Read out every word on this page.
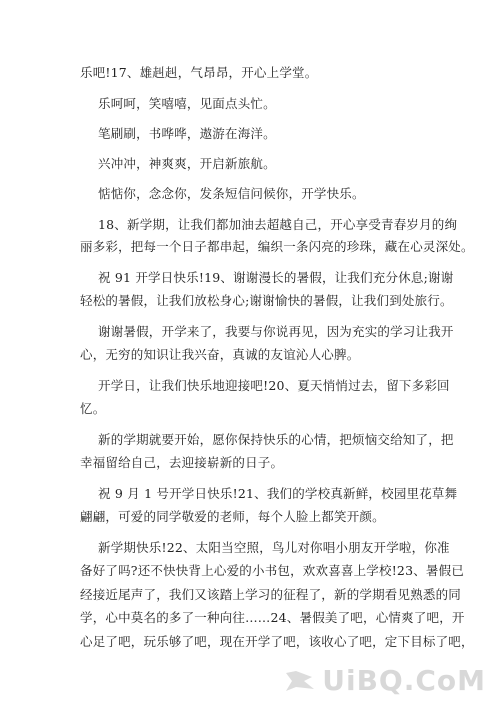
乐吧!17、雄赳赳，气昂昂，开心上学堂。
乐呵呵，笑嘻嘻，见面点头忙。
笔刷刷，书哗哗，遨游在海洋。
兴冲冲，神爽爽，开启新旅航。
惦惦你，念念你，发条短信问候你，开学快乐。
18、新学期，让我们都加油去超越自己，开心享受青春岁月的绚
丽多彩，把每一个日子都串起，编织一条闪亮的珍珠，藏在心灵深处。
祝 91 开学日快乐!19、谢谢漫长的暑假，让我们充分休息;谢谢
轻松的暑假，让我们放松身心;谢谢愉快的暑假，让我们到处旅行。
谢谢暑假，开学来了，我要与你说再见，因为充实的学习让我开
心，无穷的知识让我兴奋，真诚的友谊沁人心脾。
开学日，让我们快乐地迎接吧!20、夏天悄悄过去，留下多彩回
忆。
新的学期就要开始，愿你保持快乐的心情，把烦恼交给知了，把
幸福留给自己，去迎接崭新的日子。
祝 9 月 1 号开学日快乐!21、我们的学校真新鲜，校园里花草舞
翩翩，可爱的同学敬爱的老师，每个人脸上都笑开颜。
新学期快乐!22、太阳当空照，鸟儿对你唱小朋友开学啦，你准
备好了吗?还不快快背上心爱的小书包，欢欢喜喜上学校!23、暑假已
经接近尾声了，我们又该踏上学习的征程了，新的学期看见熟悉的同
学，心中莫名的多了一种向往……24、暑假美了吧，心情爽了吧，开
心足了吧，玩乐够了吧，现在开学了吧，该收心了吧，定下目标了吧，
UiBQ.CoM
